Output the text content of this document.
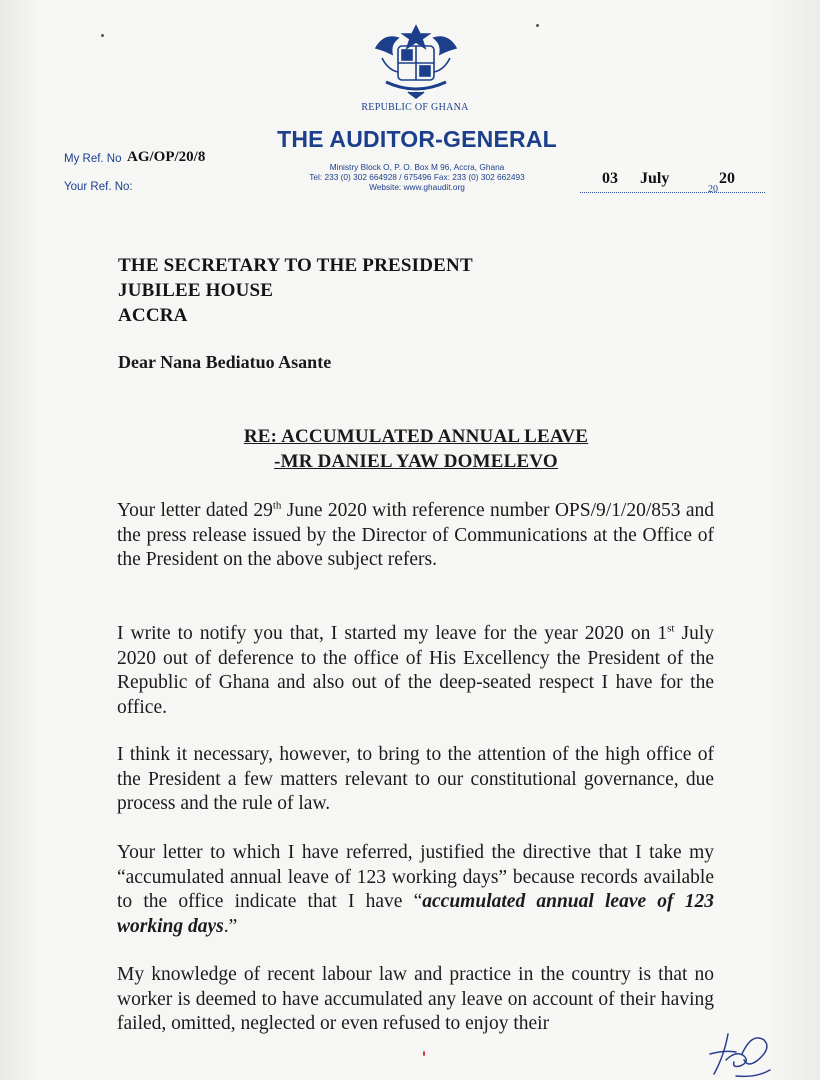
REPUBLIC OF GHANA
THE AUDITOR-GENERAL
Ministry Block O, P. O. Box M 96, Accra, Ghana
Tel: 233 (0) 302 664928 / 675496 Fax: 233 (0) 302 662493
Website: www.ghaudit.org
My Ref. No AG/OP/20/8
Your Ref. No:	03 July
20
20
THE SECRETARY TO THE PRESIDENT
JUBILEE HOUSE
ACCRA
Dear Nana Bediatuo Asante
RE: ACCUMULATED ANNUAL LEAVE
-MR DANIEL YAW DOMELEVO

Your letter dated 29th June 2020 with reference number OPS/9/1/20/853 and the press release issued by the Director of Communications at the Office of the President on the above subject refers.

I write to notify you that, I started my leave for the year 2020 on 1st July 2020 out of deference to the office of His Excellency the President of the Republic of Ghana and also out of the deep-seated respect I have for the office.

I think it necessary, however, to bring to the attention of the high office of the President a few matters relevant to our constitutional governance, due process and the rule of law.

Your letter to which I have referred, justified the directive that I take my “accumulated annual leave of 123 working days” because records available to the office indicate that I have “accumulated annual leave of 123 working days.”

My knowledge of recent labour law and practice in the country is that no worker is deemed to have accumulated any leave on account of their having failed, omitted, neglected or even refused to enjoy their
